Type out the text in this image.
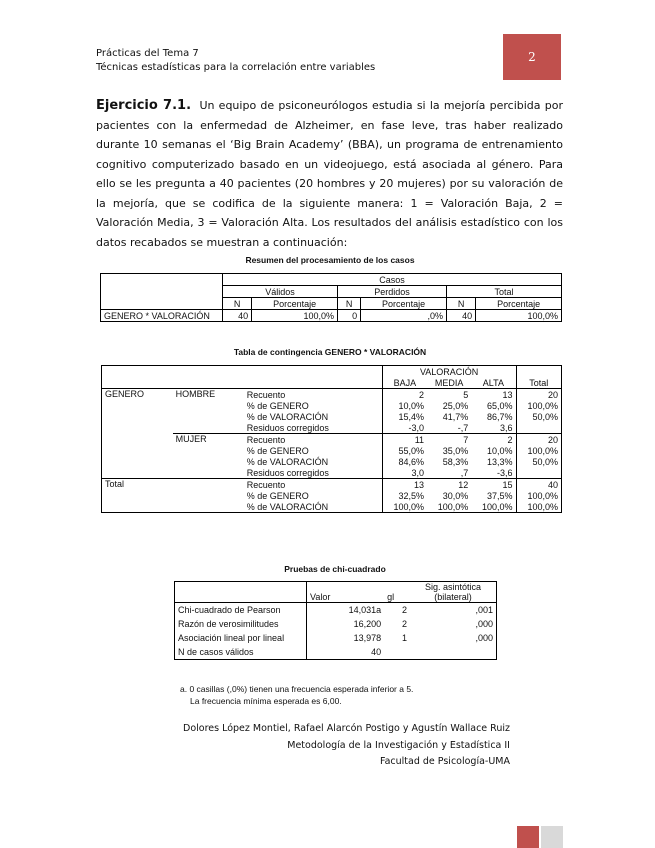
Prácticas del Tema 7
Técnicas estadísticas para la correlación entre variables
2
Ejercicio 7.1. Un equipo de psiconeurólogos estudia si la mejoría percibida por pacientes con la enfermedad de Alzheimer, en fase leve, tras haber realizado durante 10 semanas el ‘Big Brain Academy’ (BBA), un programa de entrenamiento cognitivo computerizado basado en un videojuego, está asociada al género. Para ello se les pregunta a 40 pacientes (20 hombres y 20 mujeres) por su valoración de la mejoría, que se codifica de la siguiente manera: 1 = Valoración Baja, 2 = Valoración Media, 3 = Valoración Alta. Los resultados del análisis estadístico con los datos recabados se muestran a continuación:
Resumen del procesamiento de los casos
	Casos					
	Válidos		Perdidos		Total	
	N	Porcentaje	N	Porcentaje	N	Porcentaje
GENERO * VALORACIÓN	40	100,0%	0	,0%	40	100,0%
Tabla de contingencia GENERO * VALORACIÓN
			VALORACIÓN			Total
			BAJA	MEDIA	ALTA	
GENERO	HOMBRE	Recuento	2	5	13	20
		% de GENERO	10,0%	25,0%	65,0%	100,0%
		% de VALORACIÓN	15,4%	41,7%	86,7%	50,0%
		Residuos corregidos	-3,0	-,7	3,6	
	MUJER	Recuento	11	7	2	20
		% de GENERO	55,0%	35,0%	10,0%	100,0%
		% de VALORACIÓN	84,6%	58,3%	13,3%	50,0%
		Residuos corregidos	3,0	,7	-3,6	
Total		Recuento	13	12	15	40
		% de GENERO	32,5%	30,0%	37,5%	100,0%
		% de VALORACIÓN	100,0%	100,0%	100,0%	100,0%
Pruebas de chi-cuadrado
	Valor	gl	Sig. asintótica (bilateral)
Chi-cuadrado de Pearson	14,031a	2	,001
Razón de verosimilitudes	16,200	2	,000
Asociación lineal por lineal	13,978	1	,000
N de casos válidos	40		
a. 0 casillas (,0%) tienen una frecuencia esperada inferior a 5.
La frecuencia mínima esperada es 6,00.
Dolores López Montiel, Rafael Alarcón Postigo y Agustín Wallace Ruiz
Metodología de la Investigación y Estadística II
Facultad de Psicología-UMA
